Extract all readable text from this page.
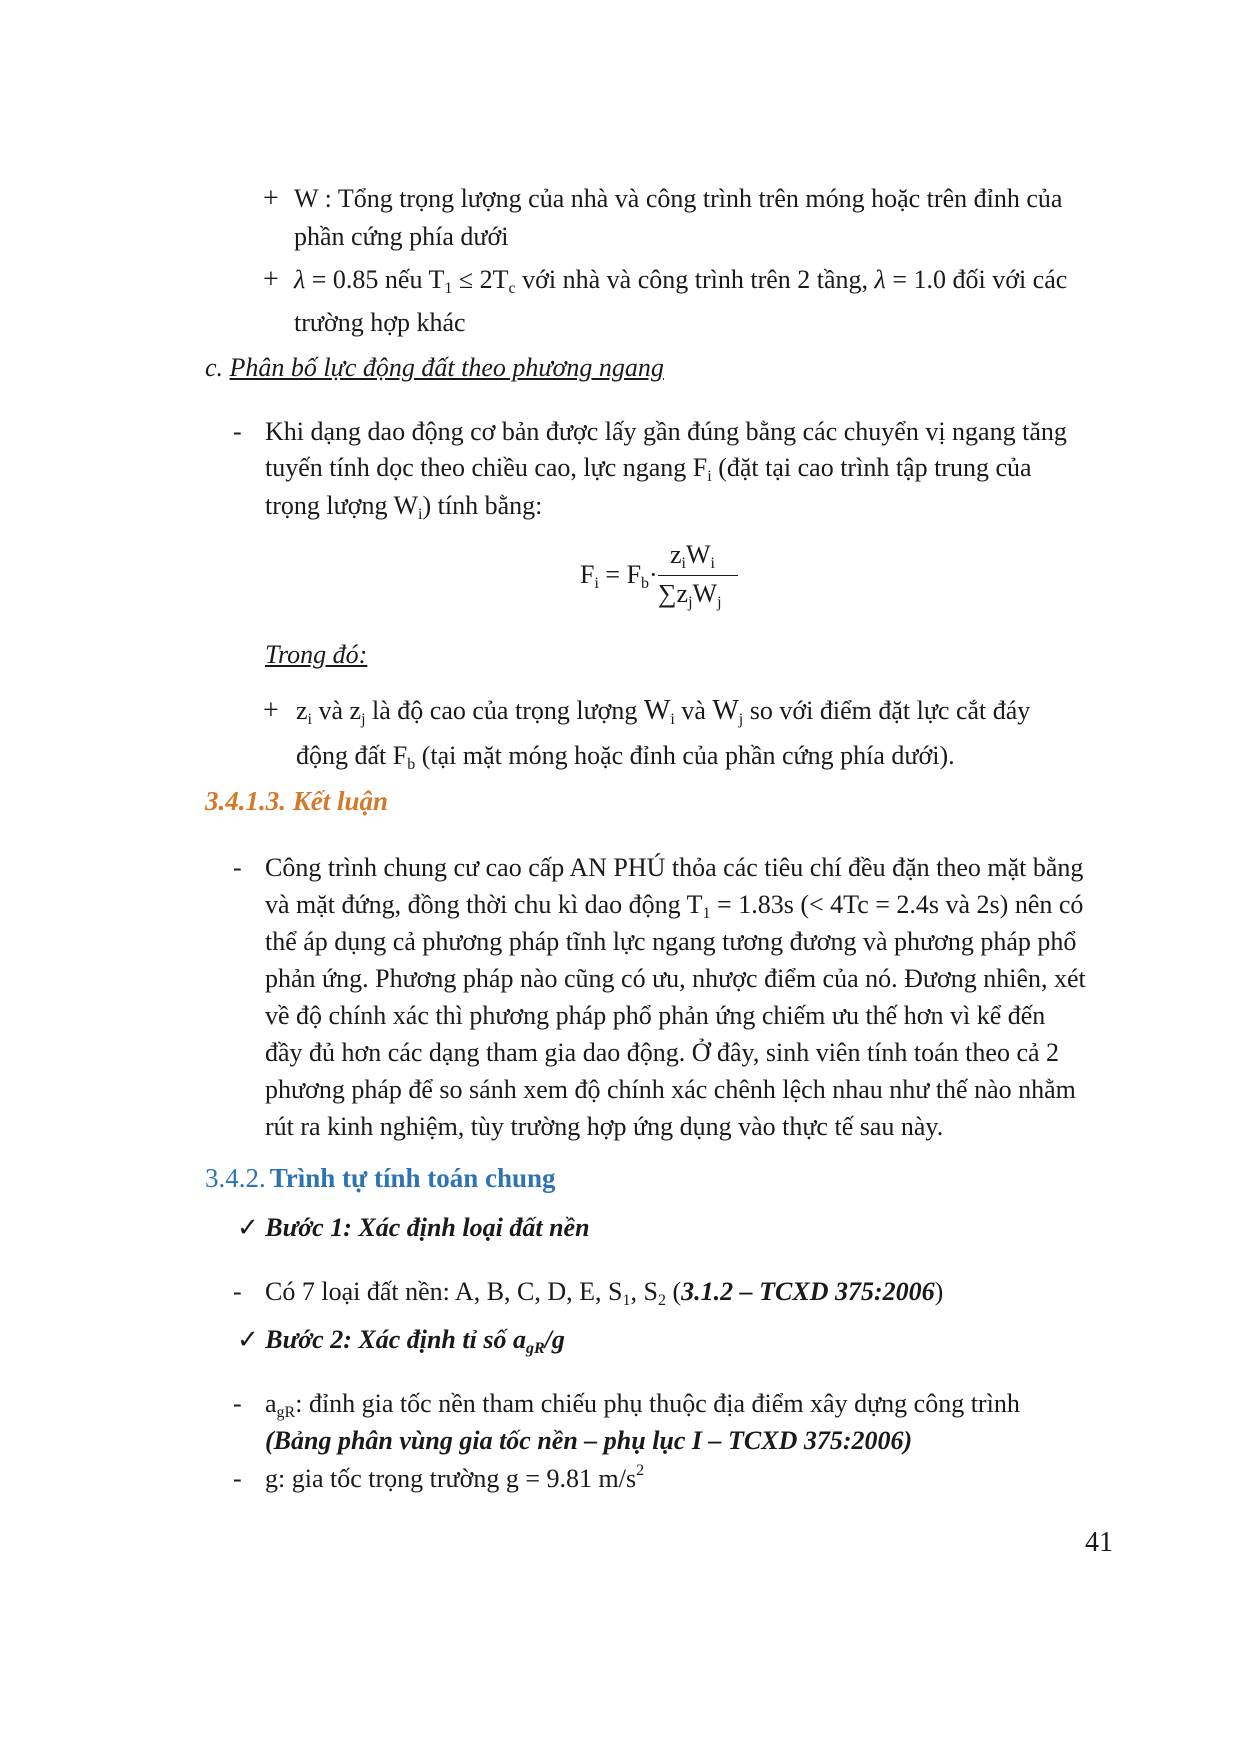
+ W : Tổng trọng lượng của nhà và công trình trên móng hoặc trên đỉnh của
phần cứng phía dưới
+ λ = 0.85 nếu $T_1 \le 2T_c$ với nhà và công trình trên 2 tầng, λ = 1.0 đối với các
trường hợp khác
c. Phân bố lực động đất theo phương ngang
- Khi dạng dao động cơ bản được lấy gần đúng bằng các chuyển vị ngang tăng
tuyến tính dọc theo chiều cao, lực ngang $F_i$ (đặt tại cao trình tập trung của
trọng lượng $W_i$) tính bằng:
$F_i = F_b\cdot$
$z_iW_i$
$\sum z_jW_j$
Trong đó:
+ $z_i$ và $z_j$ là độ cao của trọng lượng $W_i$ và $W_j$ so với điểm đặt lực cắt đáy
động đất $F_b$ (tại mặt móng hoặc đỉnh của phần cứng phía dưới).
3.4.1.3. Kết luận
- Công trình chung cư cao cấp AN PHÚ thỏa các tiêu chí đều đặn theo mặt bằng
và mặt đứng, đồng thời chu kì dao động $T_1 = 1.83s$ (< 4Tc = 2.4s và 2s) nên có
thể áp dụng cả phương pháp tĩnh lực ngang tương đương và phương pháp phổ
phản ứng. Phương pháp nào cũng có ưu, nhược điểm của nó. Đương nhiên, xét
về độ chính xác thì phương pháp phổ phản ứng chiếm ưu thế hơn vì kể đến
đầy đủ hơn các dạng tham gia dao động. Ở đây, sinh viên tính toán theo cả 2
phương pháp để so sánh xem độ chính xác chênh lệch nhau như thế nào nhằm
rút ra kinh nghiệm, tùy trường hợp ứng dụng vào thực tế sau này.
3.4.2. Trình tự tính toán chung
✓ Bước 1: Xác định loại đất nền
- Có 7 loại đất nền: A, B, C, D, E, $S_1$, $S_2$ (3.1.2 – TCXD 375:2006)
✓ Bước 2: Xác định tỉ số $a_{gR}/g$
- $a_{gR}$: đỉnh gia tốc nền tham chiếu phụ thuộc địa điểm xây dựng công trình
(Bảng phân vùng gia tốc nền – phụ lục I – TCXD 375:2006)
- g: gia tốc trọng trường g = 9.81 $m/s^2$
41
